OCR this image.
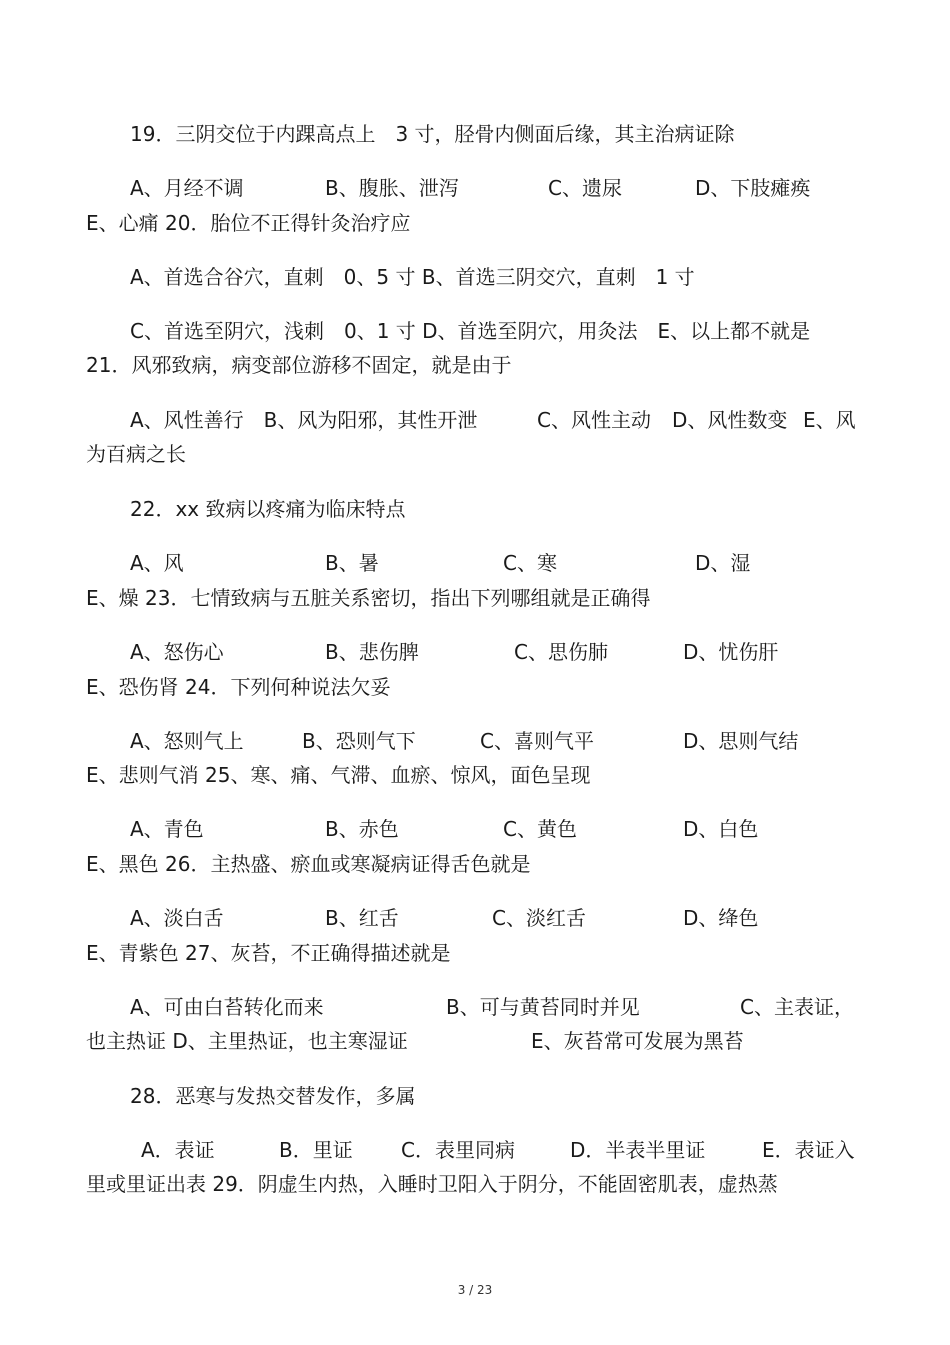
19．三阴交位于内踝高点上　3 寸，胫骨内侧面后缘，其主治病证除
A、月经不调	B、腹胀、泄泻	C、遗尿	D、下肢瘫痪
E、心痛 20．胎位不正得针灸治疗应
A、首选合谷穴，直刺　0、5 寸 B、首选三阴交穴，直刺　1 寸
C、首选至阴穴，浅刺　0、1 寸 D、首选至阴穴，用灸法　E、以上都不就是
21．风邪致病，病变部位游移不固定，就是由于
A、风性善行　B、风为阳邪，其性开泄	C、风性主动 D、风性数变 E、风
为百病之长
22．xx 致病以疼痛为临床特点
A、风	B、暑	C、寒	D、湿
E、燥 23．七情致病与五脏关系密切，指出下列哪组就是正确得
A、怒伤心	B、悲伤脾	C、思伤肺	D、忧伤肝
E、恐伤肾 24．下列何种说法欠妥
A、怒则气上	B、恐则气下	C、喜则气平	D、思则气结
E、悲则气消 25、寒、痛、气滞、血瘀、惊风，面色呈现
A、青色	B、赤色	C、黄色	D、白色
E、黑色 26．主热盛、瘀血或寒凝病证得舌色就是
A、淡白舌	B、红舌	C、淡红舌	D、绛色
E、青紫色 27、灰苔，不正确得描述就是
A、可由白苔转化而来	B、可与黄苔同时并见	C、主表证，
也主热证 D、主里热证，也主寒湿证	E、灰苔常可发展为黑苔
28．恶寒与发热交替发作，多属
A．表证	B．里证 C．表里同病	D．半表半里证	E．表证入
里或里证出表 29．阴虚生内热，入睡时卫阳入于阴分，不能固密肌表，虚热蒸
3 / 23
